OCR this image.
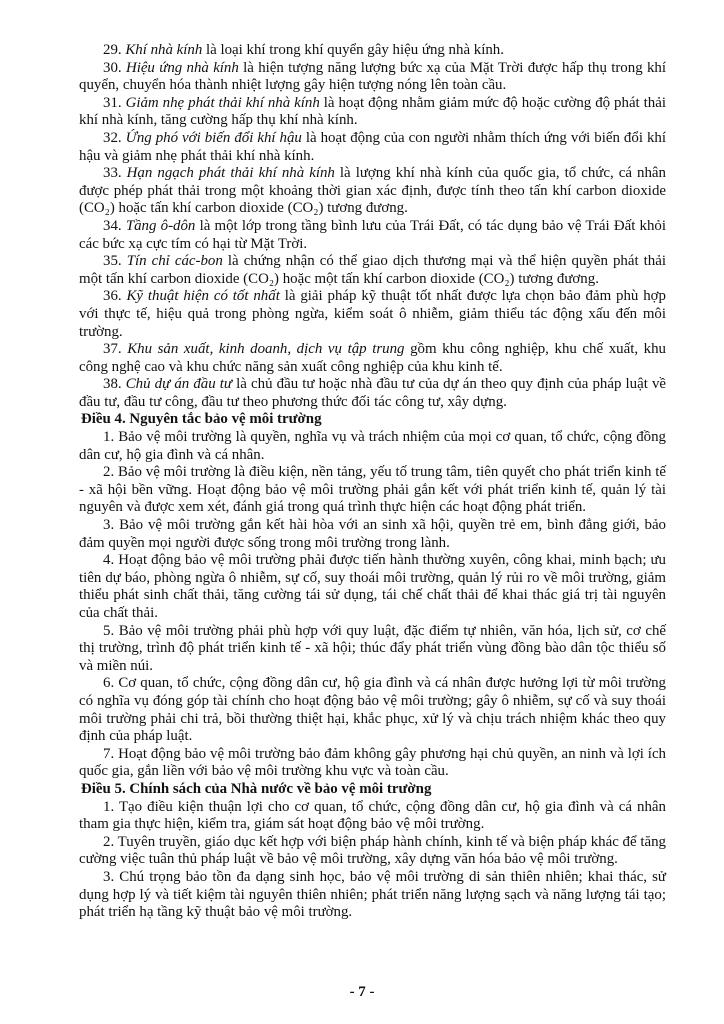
29. Khí nhà kính là loại khí trong khí quyển gây hiệu ứng nhà kính.

30. Hiệu ứng nhà kính là hiện tượng năng lượng bức xạ của Mặt Trời được hấp thụ trong khí quyển, chuyển hóa thành nhiệt lượng gây hiện tượng nóng lên toàn cầu.

31. Giảm nhẹ phát thải khí nhà kính là hoạt động nhằm giảm mức độ hoặc cường độ phát thải khí nhà kính, tăng cường hấp thụ khí nhà kính.

32. Ứng phó với biến đổi khí hậu là hoạt động của con người nhằm thích ứng với biến đổi khí hậu và giảm nhẹ phát thải khí nhà kính.

33. Hạn ngạch phát thải khí nhà kính là lượng khí nhà kính của quốc gia, tổ chức, cá nhân được phép phát thải trong một khoảng thời gian xác định, được tính theo tấn khí carbon dioxide (CO₂) hoặc tấn khí carbon dioxide (CO₂) tương đương.

34. Tầng ô-dôn là một lớp trong tầng bình lưu của Trái Đất, có tác dụng bảo vệ Trái Đất khỏi các bức xạ cực tím có hại từ Mặt Trời.

35. Tín chỉ các-bon là chứng nhận có thể giao dịch thương mại và thể hiện quyền phát thải một tấn khí carbon dioxide (CO₂) hoặc một tấn khí carbon dioxide (CO₂) tương đương.

36. Kỹ thuật hiện có tốt nhất là giải pháp kỹ thuật tốt nhất được lựa chọn bảo đảm phù hợp với thực tế, hiệu quả trong phòng ngừa, kiểm soát ô nhiễm, giảm thiểu tác động xấu đến môi trường.

37. Khu sản xuất, kinh doanh, dịch vụ tập trung gồm khu công nghiệp, khu chế xuất, khu công nghệ cao và khu chức năng sản xuất công nghiệp của khu kinh tế.

38. Chủ dự án đầu tư là chủ đầu tư hoặc nhà đầu tư của dự án theo quy định của pháp luật về đầu tư, đầu tư công, đầu tư theo phương thức đối tác công tư, xây dựng.

Điều 4. Nguyên tắc bảo vệ môi trường

1. Bảo vệ môi trường là quyền, nghĩa vụ và trách nhiệm của mọi cơ quan, tổ chức, cộng đồng dân cư, hộ gia đình và cá nhân.

2. Bảo vệ môi trường là điều kiện, nền tảng, yếu tố trung tâm, tiên quyết cho phát triển kinh tế - xã hội bền vững. Hoạt động bảo vệ môi trường phải gắn kết với phát triển kinh tế, quản lý tài nguyên và được xem xét, đánh giá trong quá trình thực hiện các hoạt động phát triển.

3. Bảo vệ môi trường gắn kết hài hòa với an sinh xã hội, quyền trẻ em, bình đẳng giới, bảo đảm quyền mọi người được sống trong môi trường trong lành.

4. Hoạt động bảo vệ môi trường phải được tiến hành thường xuyên, công khai, minh bạch; ưu tiên dự báo, phòng ngừa ô nhiễm, sự cố, suy thoái môi trường, quản lý rủi ro về môi trường, giảm thiểu phát sinh chất thải, tăng cường tái sử dụng, tái chế chất thải để khai thác giá trị tài nguyên của chất thải.

5. Bảo vệ môi trường phải phù hợp với quy luật, đặc điểm tự nhiên, văn hóa, lịch sử, cơ chế thị trường, trình độ phát triển kinh tế - xã hội; thúc đẩy phát triển vùng đồng bào dân tộc thiểu số và miền núi.

6. Cơ quan, tổ chức, cộng đồng dân cư, hộ gia đình và cá nhân được hưởng lợi từ môi trường có nghĩa vụ đóng góp tài chính cho hoạt động bảo vệ môi trường; gây ô nhiễm, sự cố và suy thoái môi trường phải chi trả, bồi thường thiệt hại, khắc phục, xử lý và chịu trách nhiệm khác theo quy định của pháp luật.

7. Hoạt động bảo vệ môi trường bảo đảm không gây phương hại chủ quyền, an ninh và lợi ích quốc gia, gắn liền với bảo vệ môi trường khu vực và toàn cầu.

Điều 5. Chính sách của Nhà nước về bảo vệ môi trường

1. Tạo điều kiện thuận lợi cho cơ quan, tổ chức, cộng đồng dân cư, hộ gia đình và cá nhân tham gia thực hiện, kiểm tra, giám sát hoạt động bảo vệ môi trường.

2. Tuyên truyền, giáo dục kết hợp với biện pháp hành chính, kinh tế và biện pháp khác để tăng cường việc tuân thủ pháp luật về bảo vệ môi trường, xây dựng văn hóa bảo vệ môi trường.

3. Chú trọng bảo tồn đa dạng sinh học, bảo vệ môi trường di sản thiên nhiên; khai thác, sử dụng hợp lý và tiết kiệm tài nguyên thiên nhiên; phát triển năng lượng sạch và năng lượng tái tạo; phát triển hạ tầng kỹ thuật bảo vệ môi trường.

- 7 -
